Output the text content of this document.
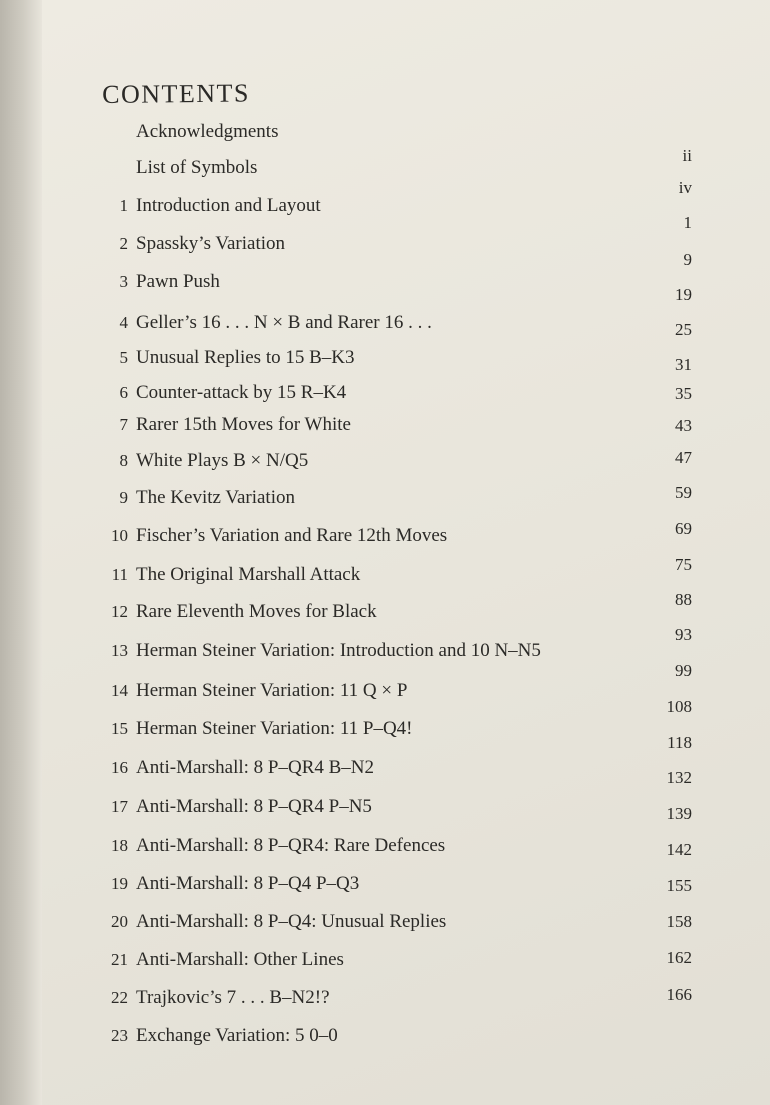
CONTENTS
Acknowledgments
List of Symbols
1 Introduction and Layout
2 Spassky’s Variation
3 Pawn Push
4 Geller’s 16 . . . N × B and Rarer 16 . . .
5 Unusual Replies to 15 B–K3
6 Counter-attack by 15 R–K4
7 Rarer 15th Moves for White
8 White Plays B × N/Q5
9 The Kevitz Variation
10 Fischer’s Variation and Rare 12th Moves
11 The Original Marshall Attack
12 Rare Eleventh Moves for Black
13 Herman Steiner Variation: Introduction and 10 N–N5
14 Herman Steiner Variation: 11 Q × P
15 Herman Steiner Variation: 11 P–Q4!
16 Anti-Marshall: 8 P–QR4 B–N2
17 Anti-Marshall: 8 P–QR4 P–N5
18 Anti-Marshall: 8 P–QR4: Rare Defences
19 Anti-Marshall: 8 P–Q4 P–Q3
20 Anti-Marshall: 8 P–Q4: Unusual Replies
21 Anti-Marshall: Other Lines
22 Trajkovic’s 7 . . . B–N2!?
23 Exchange Variation: 5 0–0
ii
iv
1
9
19
25
31
35
43
47
59
69
75
88
93
99
108
118
132
139
142
155
158
162
166
